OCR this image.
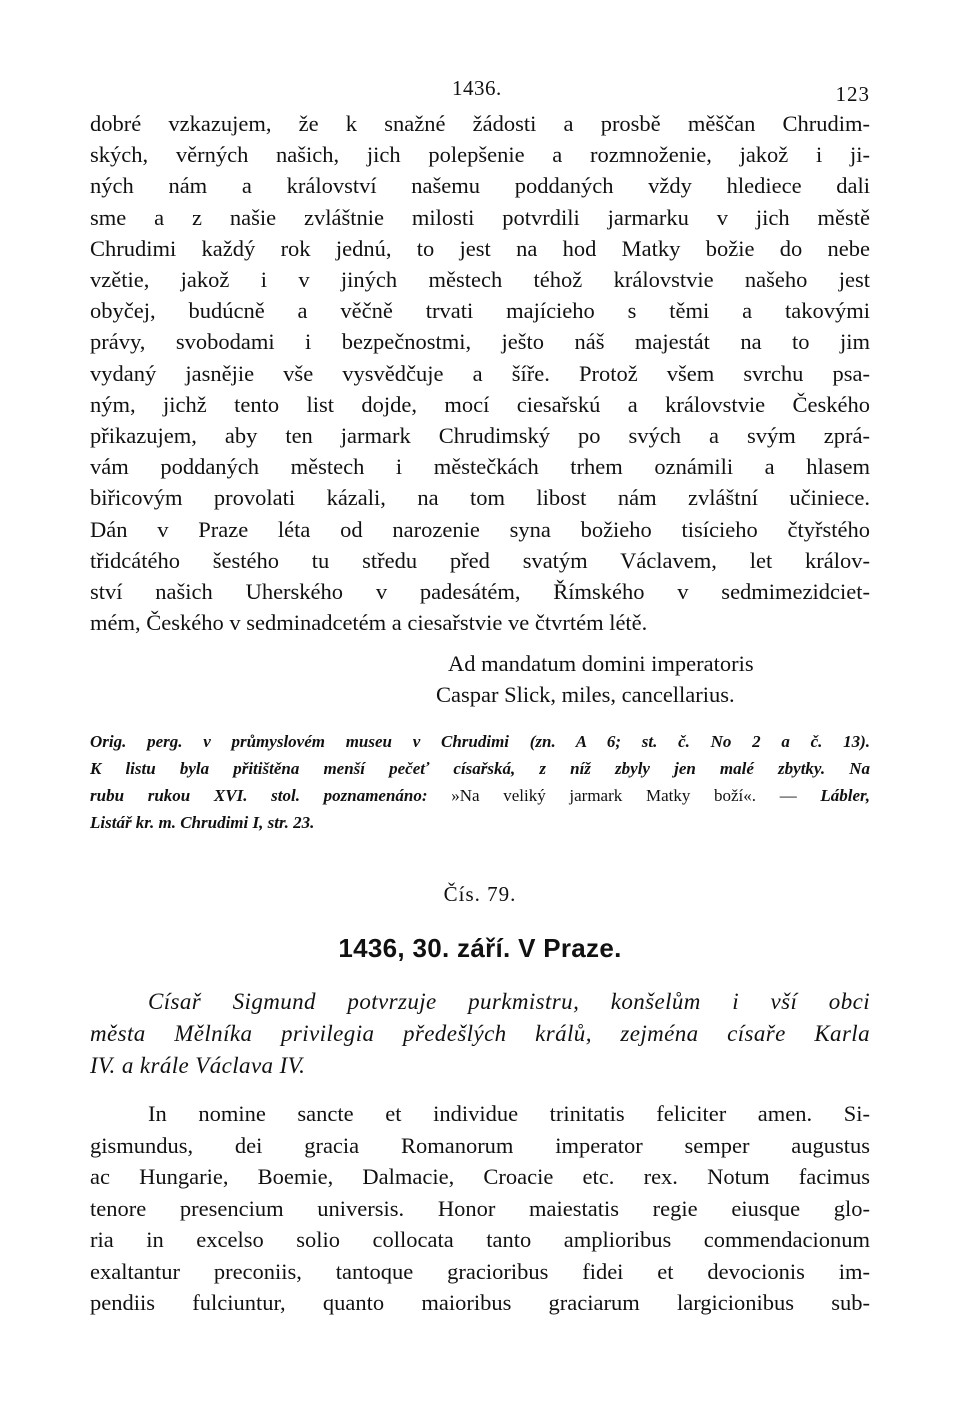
1436.	123

dobré vzkazujem, že k snažné žádosti a prosbě měščan Chrudim-
ských, věrných našich, jich polepšenie a rozmnoženie, jakož i ji-
ných nám a království našemu poddaných vždy hlediece dali
sme a z našie zvláštnie milosti potvrdili jarmarku v jich městě
Chrudimi každý rok jednú, to jest na hod Matky božie do nebe
vzětie, jakož i v jiných městech téhož královstvie našeho jest
obyčej, budúcně a věčně trvati majícieho s těmi a takovými
právy, svobodami i bezpečnostmi, ješto náš majestát na to jim
vydaný jasnějie vše vysvědčuje a šíře. Protož všem svrchu psa-
ným, jichž tento list dojde, mocí ciesařskú a královstvie Českého
přikazujem, aby ten jarmark Chrudimský po svých a svým zprá-
vám poddaných městech i městečkách trhem oznámili a hlasem
biřicovým provolati kázali, na tom libost nám zvláštní učiniece.
Dán v Praze léta od narozenie syna božieho tisícieho čtyřstého
třidcátého šestého tu středu před svatým Václavem, let králov-
ství našich Uherského v padesátém, Římského v sedmimezidciet-
mém, Českého v sedminadcetém a ciesařstvie ve čtvrtém létě.

Ad mandatum domini imperatoris
Caspar Slick, miles, cancellarius.
Orig. perg. v průmyslovém museu v Chrudimi (zn. A 6; st. č. No 2 a č. 13).
K listu byla přitištěna menší pečeť císařská, z níž zbyly jen malé zbytky. Na
rubu rukou XVI. stol. poznamenáno: »Na veliký jarmark Matky boží«. — Lábler,
Listář kr. m. Chrudimi I, str. 23.
Čís. 79.
1436, 30. září. V Praze.
Císař Sigmund potvrzuje purkmistru, konšelům i vší obci
města Mělníka privilegia předešlých králů, zejména císaře Karla
IV. a krále Václava IV.
In nomine sancte et individue trinitatis feliciter amen. Si-
gismundus, dei gracia Romanorum imperator semper augustus
ac Hungarie, Boemie, Dalmacie, Croacie etc. rex. Notum facimus
tenore presencium universis. Honor maiestatis regie eiusque glo-
ria in excelso solio collocata tanto amplioribus commendacionum
exaltantur preconiis, tantoque gracioribus fidei et devocionis im-
pendiis fulciuntur, quanto maioribus graciarum largicionibus sub-
